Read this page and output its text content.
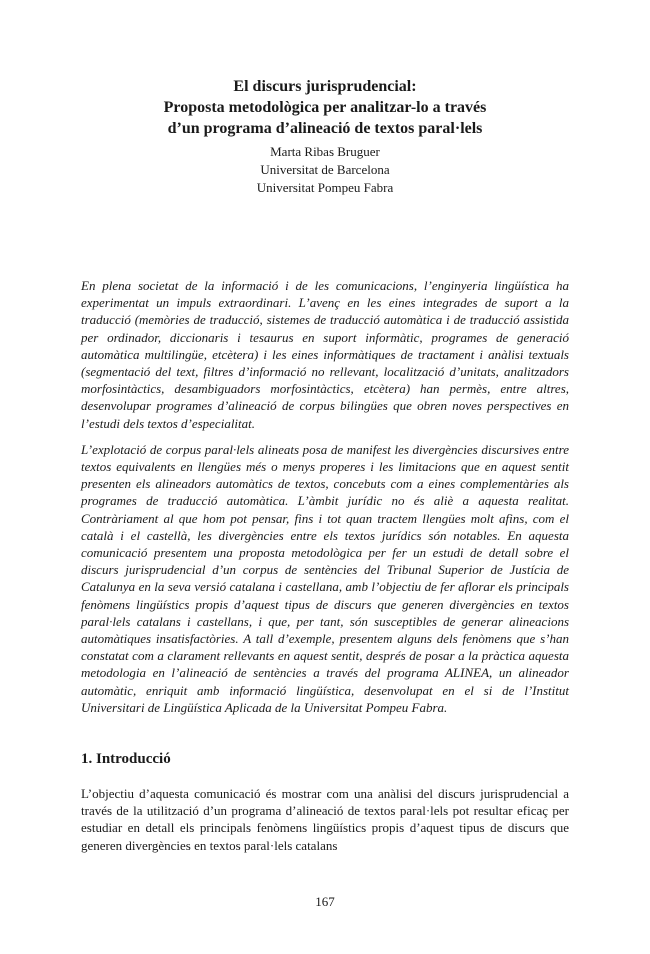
El discurs jurisprudencial:
Proposta metodològica per analitzar-lo a través
d’un programa d’alineació de textos paral·lels
Marta Ribas Bruguer
Universitat de Barcelona
Universitat Pompeu Fabra

En plena societat de la informació i de les comunicacions, l’enginyeria lingüística ha experimentat un impuls extraordinari. L’avenç en les eines integrades de suport a la traducció (memòries de traducció, sistemes de traducció automàtica i de traducció assistida per ordinador, diccionaris i tesaurus en suport informàtic, programes de generació automàtica multilingüe, etcètera) i les eines informàtiques de tractament i anàlisi textuals (segmentació del text, filtres d’informació no rellevant, localització d’unitats, analitzadors morfosintàctics, desambiguadors morfosintàctics, etcètera) han permès, entre altres, desenvolupar programes d’alineació de corpus bilingües que obren noves perspectives en l’estudi dels textos d’especialitat.

L’explotació de corpus paral·lels alineats posa de manifest les divergències discursives entre textos equivalents en llengües més o menys properes i les limitacions que en aquest sentit presenten els alineadors automàtics de textos, concebuts com a eines complementàries als programes de traducció automàtica. L’àmbit jurídic no és aliè a aquesta realitat. Contràriament al que hom pot pensar, fins i tot quan tractem llengües molt afins, com el català i el castellà, les divergències entre els textos jurídics són notables. En aquesta comunicació presentem una proposta metodològica per fer un estudi de detall sobre el discurs jurisprudencial d’un corpus de sentències del Tribunal Superior de Justícia de Catalunya en la seva versió catalana i castellana, amb l’objectiu de fer aflorar els principals fenòmens lingüístics propis d’aquest tipus de discurs que generen divergències en textos paral·lels catalans i castellans, i que, per tant, són susceptibles de generar alineacions automàtiques insatisfactòries. A tall d’exemple, presentem alguns dels fenòmens que s’han constatat com a clarament rellevants en aquest sentit, després de posar a la pràctica aquesta metodologia en l’alineació de sentències a través del programa ALINEA, un alineador automàtic, enriquit amb informació lingüística, desenvolupat en el si de l’Institut Universitari de Lingüística Aplicada de la Universitat Pompeu Fabra.

1. Introducció

L’objectiu d’aquesta comunicació és mostrar com una anàlisi del discurs jurisprudencial a través de la utilització d’un programa d’alineació de textos paral·lels pot resultar eficaç per estudiar en detall els principals fenòmens lingüístics propis d’aquest tipus de discurs que generen divergències en textos paral·lels catalans

167
